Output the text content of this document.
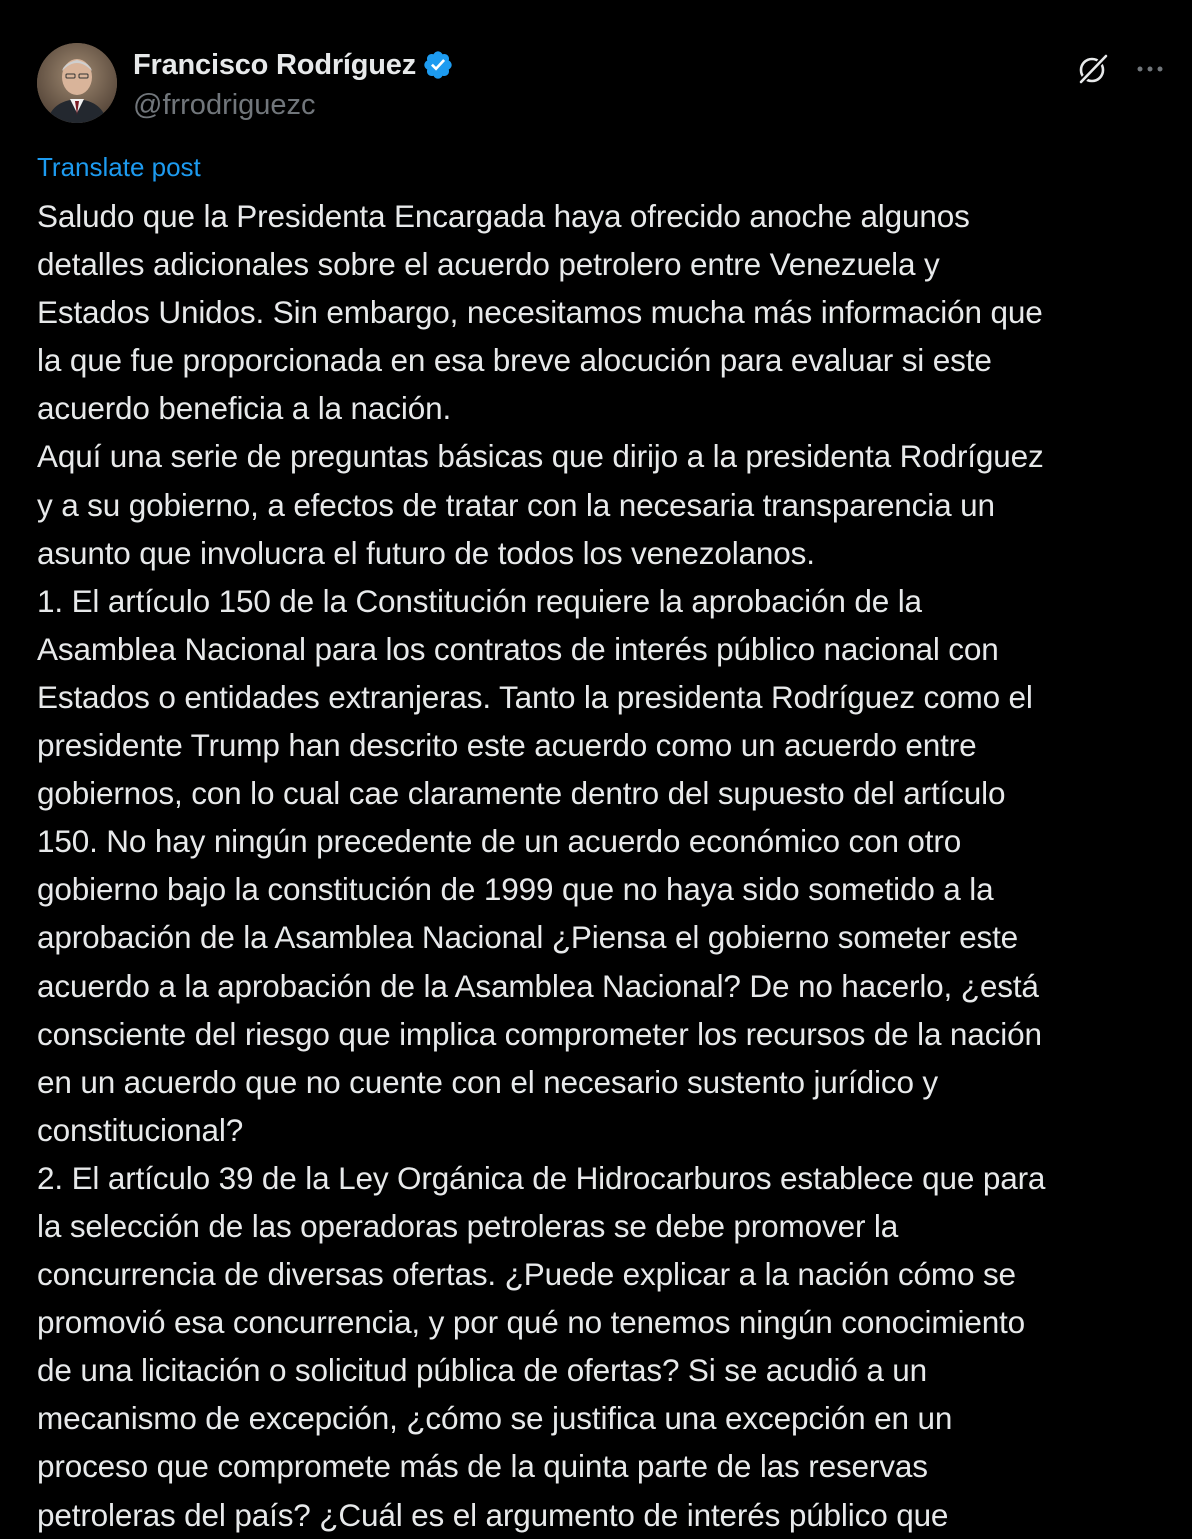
Francisco Rodríguez
@frrodriguezc
Translate post
Saludo que la Presidenta Encargada haya ofrecido anoche algunos
detalles adicionales sobre el acuerdo petrolero entre Venezuela y
Estados Unidos. Sin embargo, necesitamos mucha más información que
la que fue proporcionada en esa breve alocución para evaluar si este
acuerdo beneficia a la nación.
Aquí una serie de preguntas básicas que dirijo a la presidenta Rodríguez
y a su gobierno, a efectos de tratar con la necesaria transparencia un
asunto que involucra el futuro de todos los venezolanos.
1. El artículo 150 de la Constitución requiere la aprobación de la
Asamblea Nacional para los contratos de interés público nacional con
Estados o entidades extranjeras. Tanto la presidenta Rodríguez como el
presidente Trump han descrito este acuerdo como un acuerdo entre
gobiernos, con lo cual cae claramente dentro del supuesto del artículo
150. No hay ningún precedente de un acuerdo económico con otro
gobierno bajo la constitución de 1999 que no haya sido sometido a la
aprobación de la Asamblea Nacional ¿Piensa el gobierno someter este
acuerdo a la aprobación de la Asamblea Nacional? De no hacerlo, ¿está
consciente del riesgo que implica comprometer los recursos de la nación
en un acuerdo que no cuente con el necesario sustento jurídico y
constitucional?
2. El artículo 39 de la Ley Orgánica de Hidrocarburos establece que para
la selección de las operadoras petroleras se debe promover la
concurrencia de diversas ofertas. ¿Puede explicar a la nación cómo se
promovió esa concurrencia, y por qué no tenemos ningún conocimiento
de una licitación o solicitud pública de ofertas? Si se acudió a un
mecanismo de excepción, ¿cómo se justifica una excepción en un
proceso que compromete más de la quinta parte de las reservas
petroleras del país? ¿Cuál es el argumento de interés público que
